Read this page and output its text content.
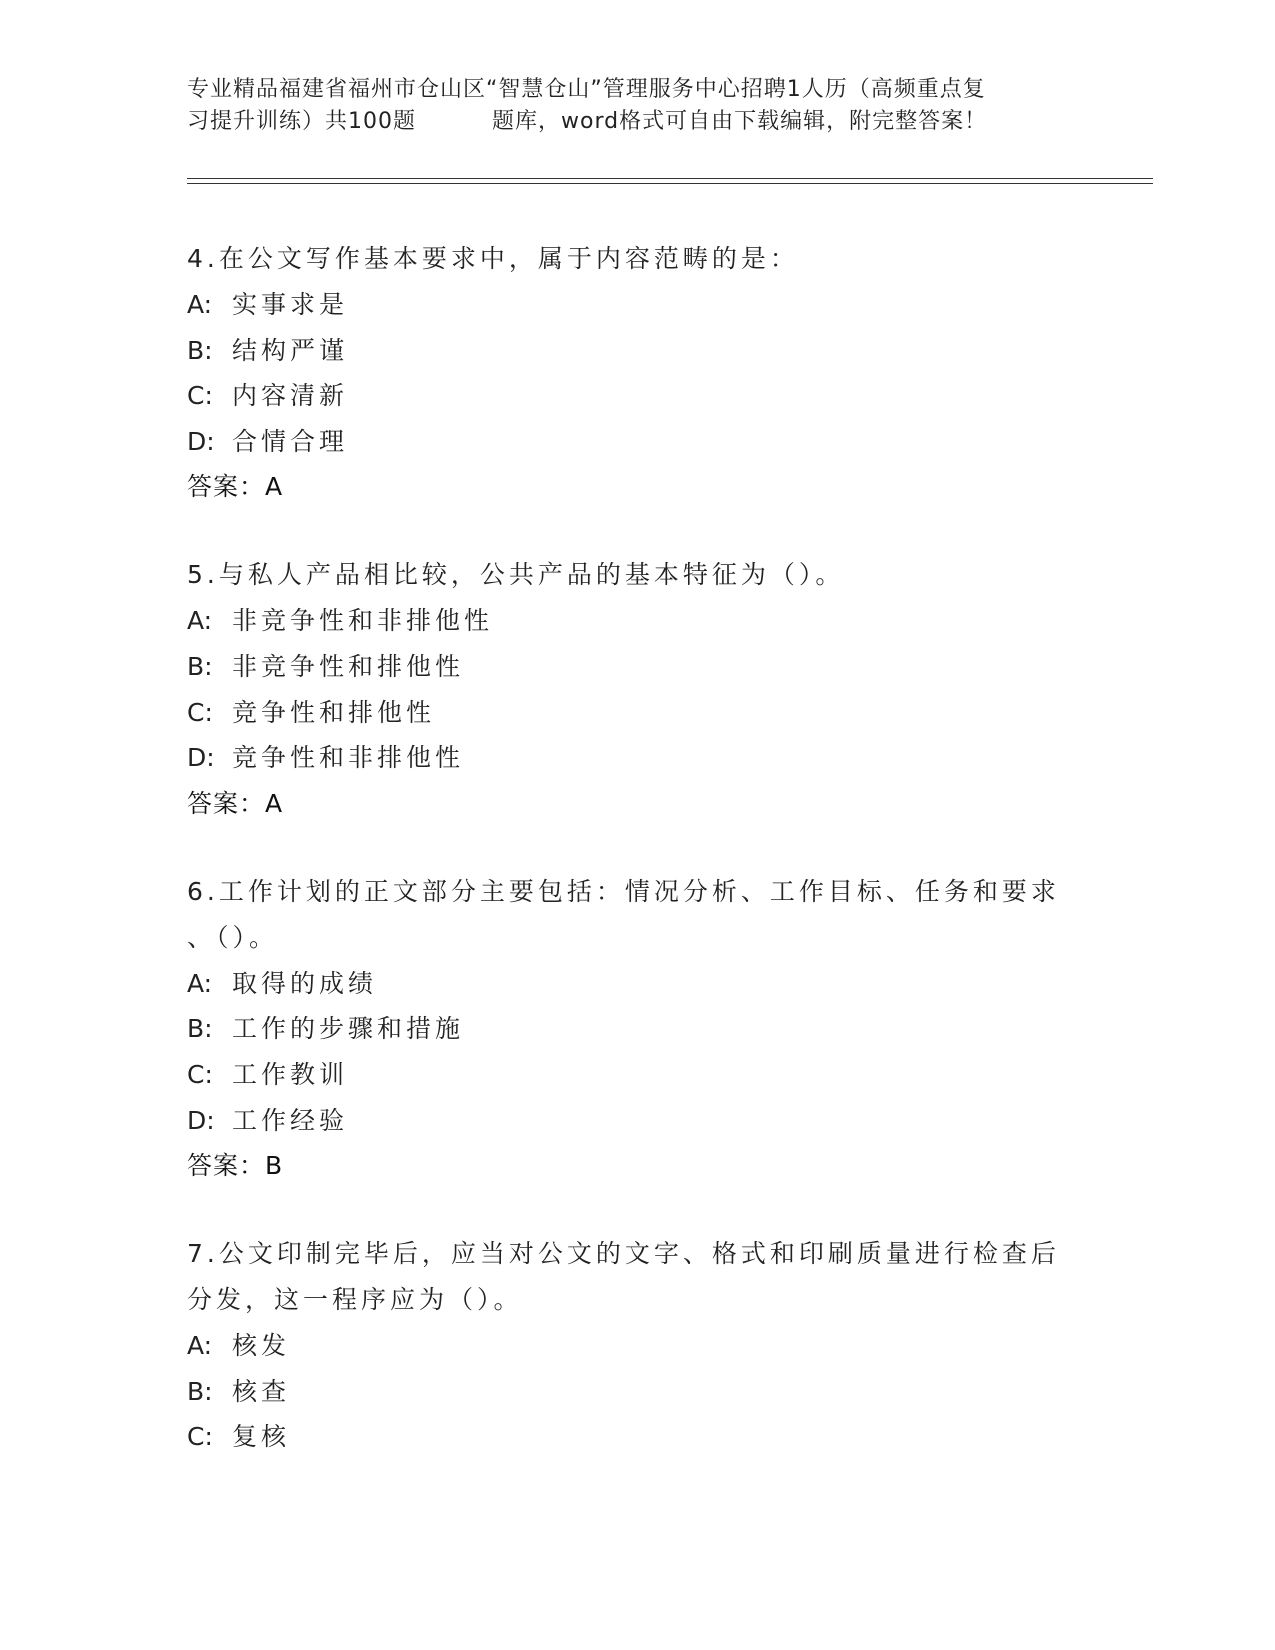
专业精品福建省福州市仓山区“智慧仓山”管理服务中心招聘1人历（高频重点复
习提升训练）共100题	题库，word格式可自由下载编辑，附完整答案！
4.在公文写作基本要求中，属于内容范畴的是：
A: 实事求是
B: 结构严谨
C: 内容清新
D: 合情合理
答案：A
5.与私人产品相比较，公共产品的基本特征为（）。
A: 非竞争性和非排他性
B: 非竞争性和排他性
C: 竞争性和排他性
D: 竞争性和非排他性
答案：A
6.工作计划的正文部分主要包括：情况分析、工作目标、任务和要求
、（）。
A: 取得的成绩
B: 工作的步骤和措施
C: 工作教训
D: 工作经验
答案：B
7.公文印制完毕后，应当对公文的文字、格式和印刷质量进行检查后
分发，这一程序应为（）。
A: 核发
B: 核查
C: 复核
